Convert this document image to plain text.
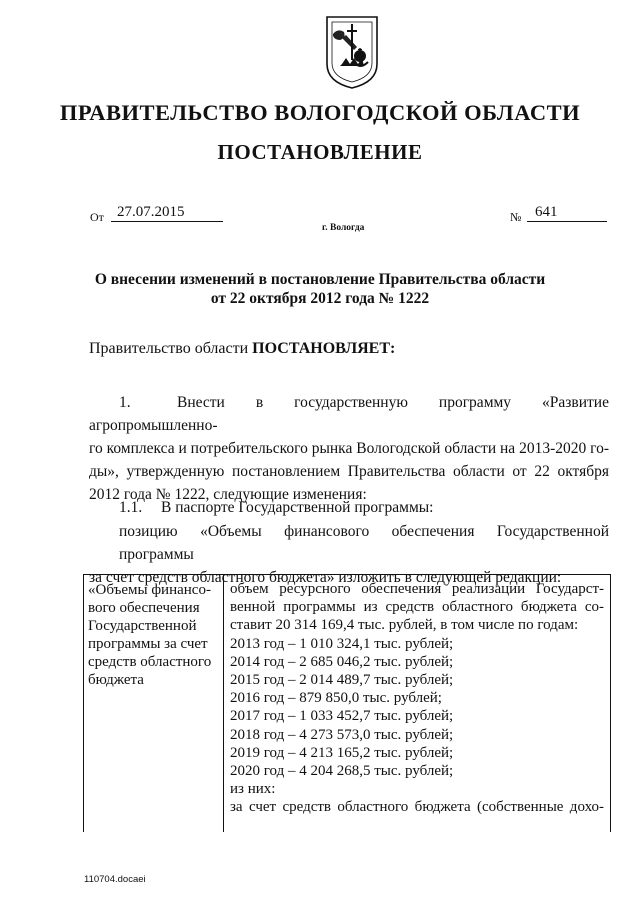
ПРАВИТЕЛЬСТВО ВОЛОГОДСКОЙ ОБЛАСТИ
ПОСТАНОВЛЕНИЕ
От 27.07.2015
г. Вологда
№ 641
О внесении изменений в постановление Правительства области
от 22 октября 2012 года № 1222
Правительство области ПОСТАНОВЛЯЕТ:
1.	Внести в государственную программу «Развитие агропромышленно-
го комплекса и потребительского рынка Вологодской области на 2013-2020 го-
ды», утвержденную постановлением Правительства области от 22 октября
2012 года № 1222, следующие изменения:
1.1. В паспорте Государственной программы:
позицию «Объемы финансового обеспечения Государственной программы
за счет средств областного бюджета» изложить в следующей редакции:
«Объемы финансо-
вого обеспечения
Государственной
программы за счет
средств областного
бюджета
объем ресурсного обеспечения реализации Государст-
венной программы из средств областного бюджета со-
ставит 20 314 169,4 тыс. рублей, в том числе по годам:
2013 год – 1 010 324,1 тыс. рублей;
2014 год – 2 685 046,2 тыс. рублей;
2015 год – 2 014 489,7 тыс. рублей;
2016 год – 879 850,0 тыс. рублей;
2017 год – 1 033 452,7 тыс. рублей;
2018 год – 4 273 573,0 тыс. рублей;
2019 год – 4 213 165,2 тыс. рублей;
2020 год – 4 204 268,5 тыс. рублей;
из них:
за счет средств областного бюджета (собственные дохо-
110704.docaei
